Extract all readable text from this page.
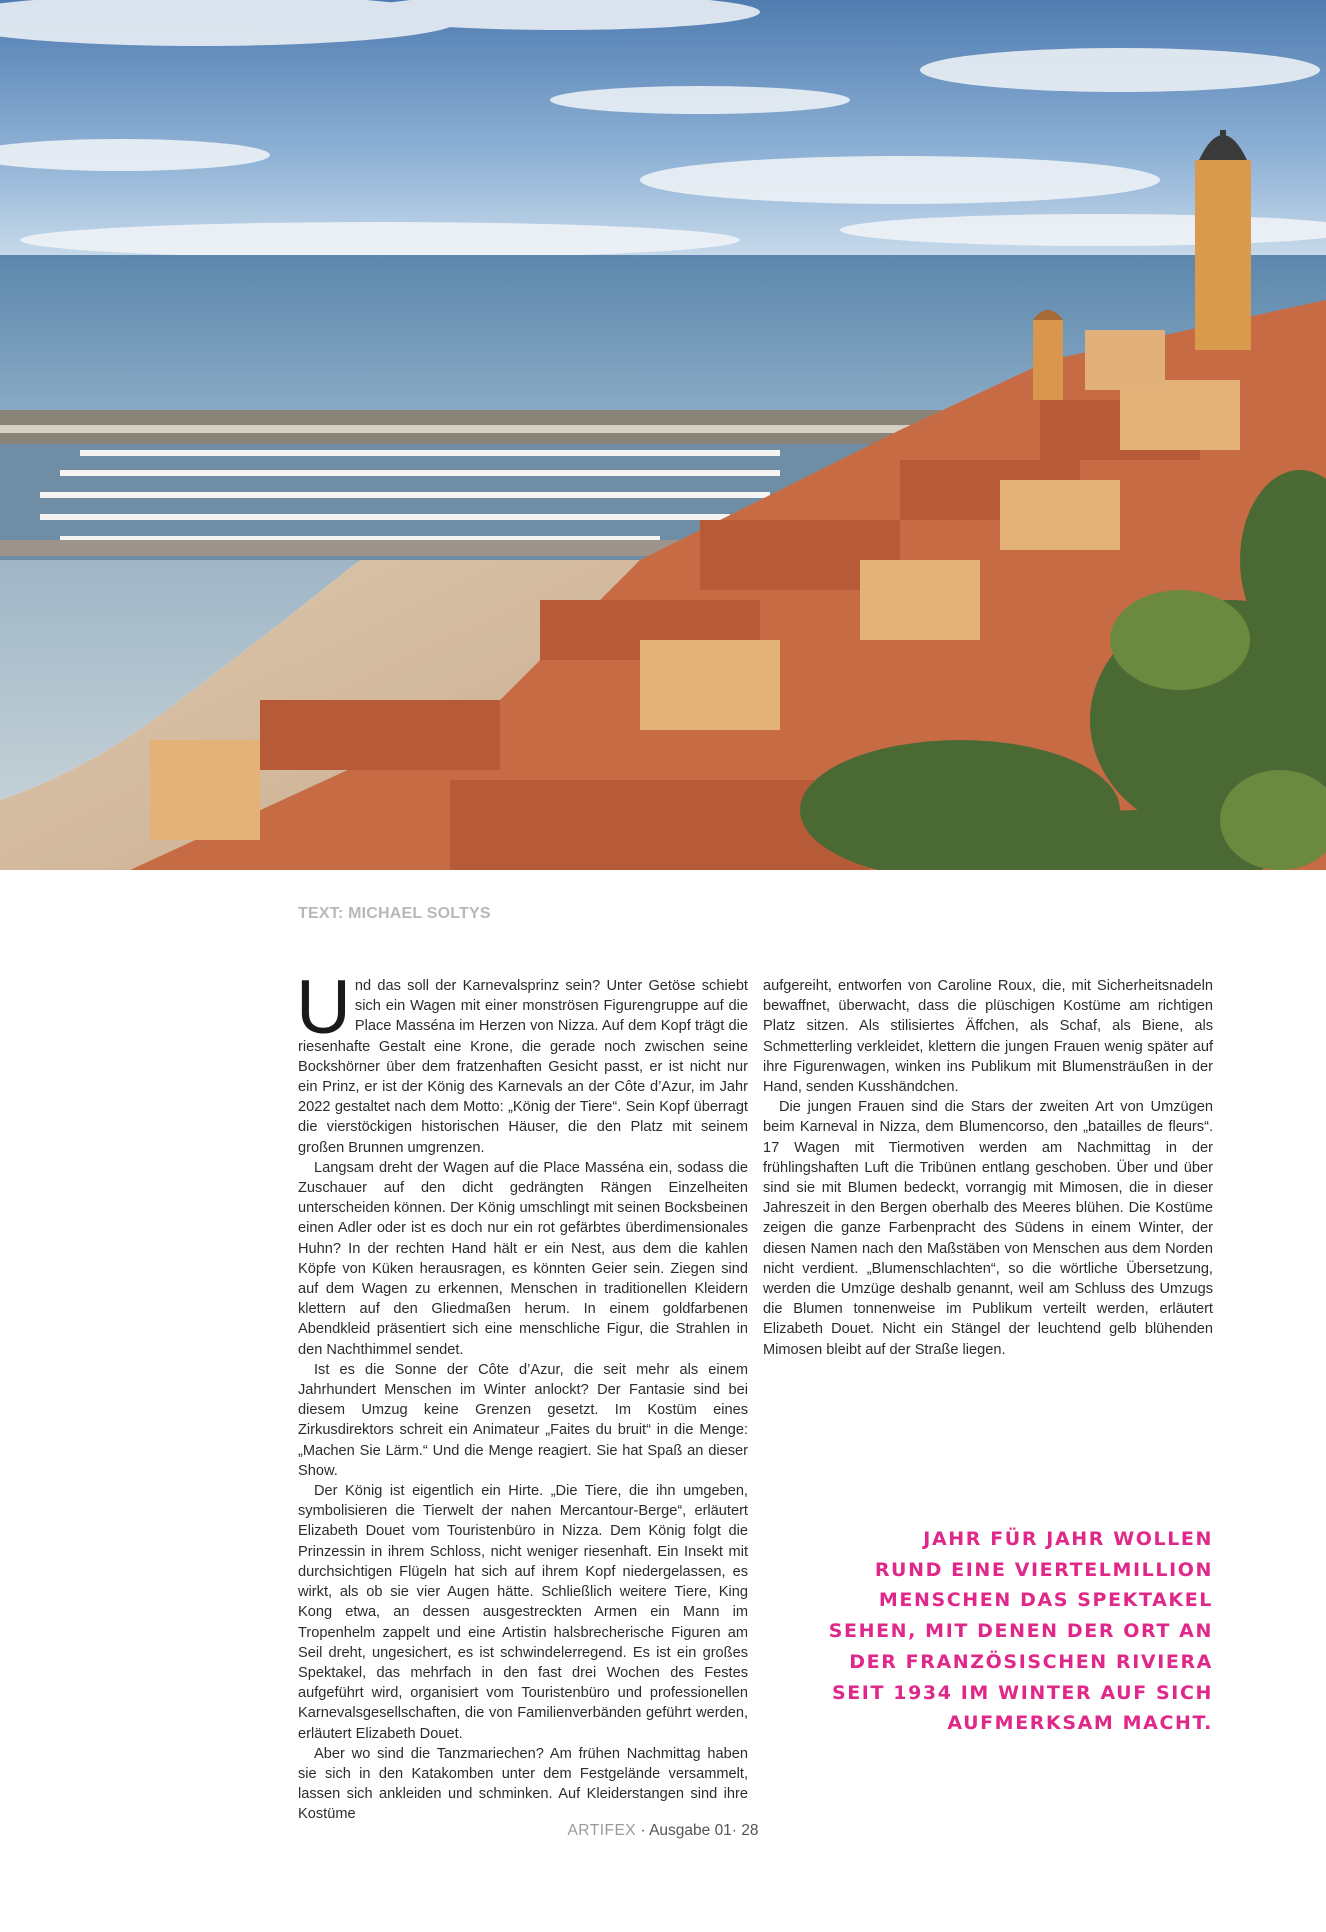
TEXT: MICHAEL SOLTYS

Und das soll der Karnevalsprinz sein? Unter Getöse schiebt sich ein Wagen mit einer monströsen Figurengruppe auf die Place Masséna im Herzen von Nizza. Auf dem Kopf trägt die riesenhafte Gestalt eine Krone, die gerade noch zwischen seine Bockshörner über dem fratzenhaften Gesicht passt, er ist nicht nur ein Prinz, er ist der König des Karnevals an der Côte d’Azur, im Jahr 2022 gestaltet nach dem Motto: „König der Tiere“. Sein Kopf überragt die vierstöckigen historischen Häuser, die den Platz mit seinem großen Brunnen umgrenzen.

Langsam dreht der Wagen auf die Place Masséna ein, sodass die Zuschauer auf den dicht gedrängten Rängen Einzelheiten unterscheiden können. Der König umschlingt mit seinen Bocksbeinen einen Adler oder ist es doch nur ein rot gefärbtes überdimensionales Huhn? In der rechten Hand hält er ein Nest, aus dem die kahlen Köpfe von Küken herausragen, es könnten Geier sein. Ziegen sind auf dem Wagen zu erkennen, Menschen in traditionellen Kleidern klettern auf den Gliedmaßen herum. In einem goldfarbenen Abendkleid präsentiert sich eine menschliche Figur, die Strahlen in den Nachthimmel sendet.

Ist es die Sonne der Côte d’Azur, die seit mehr als einem Jahrhundert Menschen im Winter anlockt? Der Fantasie sind bei diesem Umzug keine Grenzen gesetzt. Im Kostüm eines Zirkusdirektors schreit ein Animateur „Faites du bruit“ in die Menge: „Machen Sie Lärm.“ Und die Menge reagiert. Sie hat Spaß an dieser Show.

Der König ist eigentlich ein Hirte. „Die Tiere, die ihn umgeben, symbolisieren die Tierwelt der nahen Mercantour-Berge“, erläutert Elizabeth Douet vom Touristenbüro in Nizza. Dem König folgt die Prinzessin in ihrem Schloss, nicht weniger riesenhaft. Ein Insekt mit durchsichtigen Flügeln hat sich auf ihrem Kopf niedergelassen, es wirkt, als ob sie vier Augen hätte. Schließlich weitere Tiere, King Kong etwa, an dessen ausgestreckten Armen ein Mann im Tropenhelm zappelt und eine Artistin halsbrecherische Figuren am Seil dreht, ungesichert, es ist schwindelerregend. Es ist ein großes Spektakel, das mehrfach in den fast drei Wochen des Festes aufgeführt wird, organisiert vom Touristenbüro und professionellen Karnevalsgesellschaften, die von Familienverbänden geführt werden, erläutert Elizabeth Douet.

Aber wo sind die Tanzmariechen? Am frühen Nachmittag haben sie sich in den Katakomben unter dem Festgelände versammelt, lassen sich ankleiden und schminken. Auf Kleiderstangen sind ihre Kostüme

aufgereiht, entworfen von Caroline Roux, die, mit Sicherheitsnadeln bewaffnet, überwacht, dass die plüschigen Kostüme am richtigen Platz sitzen. Als stilisiertes Äffchen, als Schaf, als Biene, als Schmetterling verkleidet, klettern die jungen Frauen wenig später auf ihre Figurenwagen, winken ins Publikum mit Blumensträußen in der Hand, senden Kusshändchen.

Die jungen Frauen sind die Stars der zweiten Art von Umzügen beim Karneval in Nizza, dem Blumencorso, den „batailles de fleurs“. 17 Wagen mit Tiermotiven werden am Nachmittag in der frühlingshaften Luft die Tribünen entlang geschoben. Über und über sind sie mit Blumen bedeckt, vorrangig mit Mimosen, die in dieser Jahreszeit in den Bergen oberhalb des Meeres blühen. Die Kostüme zeigen die ganze Farbenpracht des Südens in einem Winter, der diesen Namen nach den Maßstäben von Menschen aus dem Norden nicht verdient. „Blumenschlachten“, so die wörtliche Übersetzung, werden die Umzüge deshalb genannt, weil am Schluss des Umzugs die Blumen tonnenweise im Publikum verteilt werden, erläutert Elizabeth Douet. Nicht ein Stängel der leuchtend gelb blühenden Mimosen bleibt auf der Straße liegen.

JAHR FÜR JAHR WOLLEN
RUND EINE VIERTELMILLION
MENSCHEN DAS SPEKTAKEL
SEHEN, MIT DENEN DER ORT AN
DER FRANZÖSISCHEN RIVIERA
SEIT 1934 IM WINTER AUF SICH
AUFMERKSAM MACHT.
ARTIFEX · Ausgabe 01· 28
